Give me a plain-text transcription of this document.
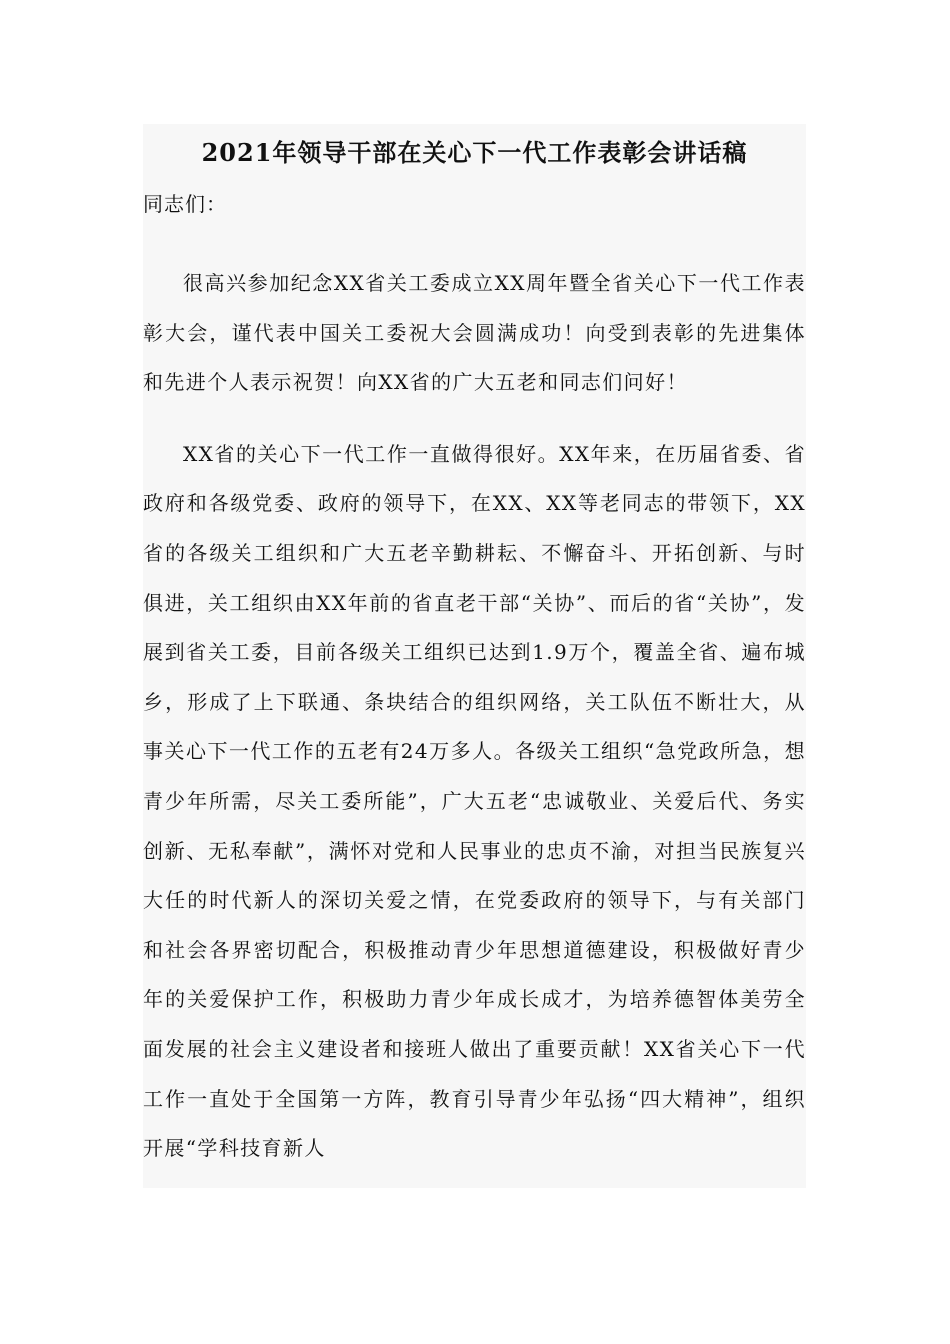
2021年领导干部在关心下一代工作表彰会讲话稿

同志们：

很高兴参加纪念XX省关工委成立XX周年暨全省关心下一代工作表彰大会，谨代表中国关工委祝大会圆满成功！向受到表彰的先进集体和先进个人表示祝贺！向XX省的广大五老和同志们问好！

XX省的关心下一代工作一直做得很好。XX年来，在历届省委、省政府和各级党委、政府的领导下，在XX、XX等老同志的带领下，XX省的各级关工组织和广大五老辛勤耕耘、不懈奋斗、开拓创新、与时俱进，关工组织由XX年前的省直老干部“关协”、而后的省“关协”，发展到省关工委，目前各级关工组织已达到1.9万个，覆盖全省、遍布城乡，形成了上下联通、条块结合的组织网络，关工队伍不断壮大，从事关心下一代工作的五老有24万多人。各级关工组织“急党政所急，想青少年所需，尽关工委所能”，广大五老“忠诚敬业、关爱后代、务实创新、无私奉献”，满怀对党和人民事业的忠贞不渝，对担当民族复兴大任的时代新人的深切关爱之情，在党委政府的领导下，与有关部门和社会各界密切配合，积极推动青少年思想道德建设，积极做好青少年的关爱保护工作，积极助力青少年成长成才，为培养德智体美劳全面发展的社会主义建设者和接班人做出了重要贡献！XX省关心下一代工作一直处于全国第一方阵，教育引导青少年弘扬“四大精神”，组织开展“学科技育新人
